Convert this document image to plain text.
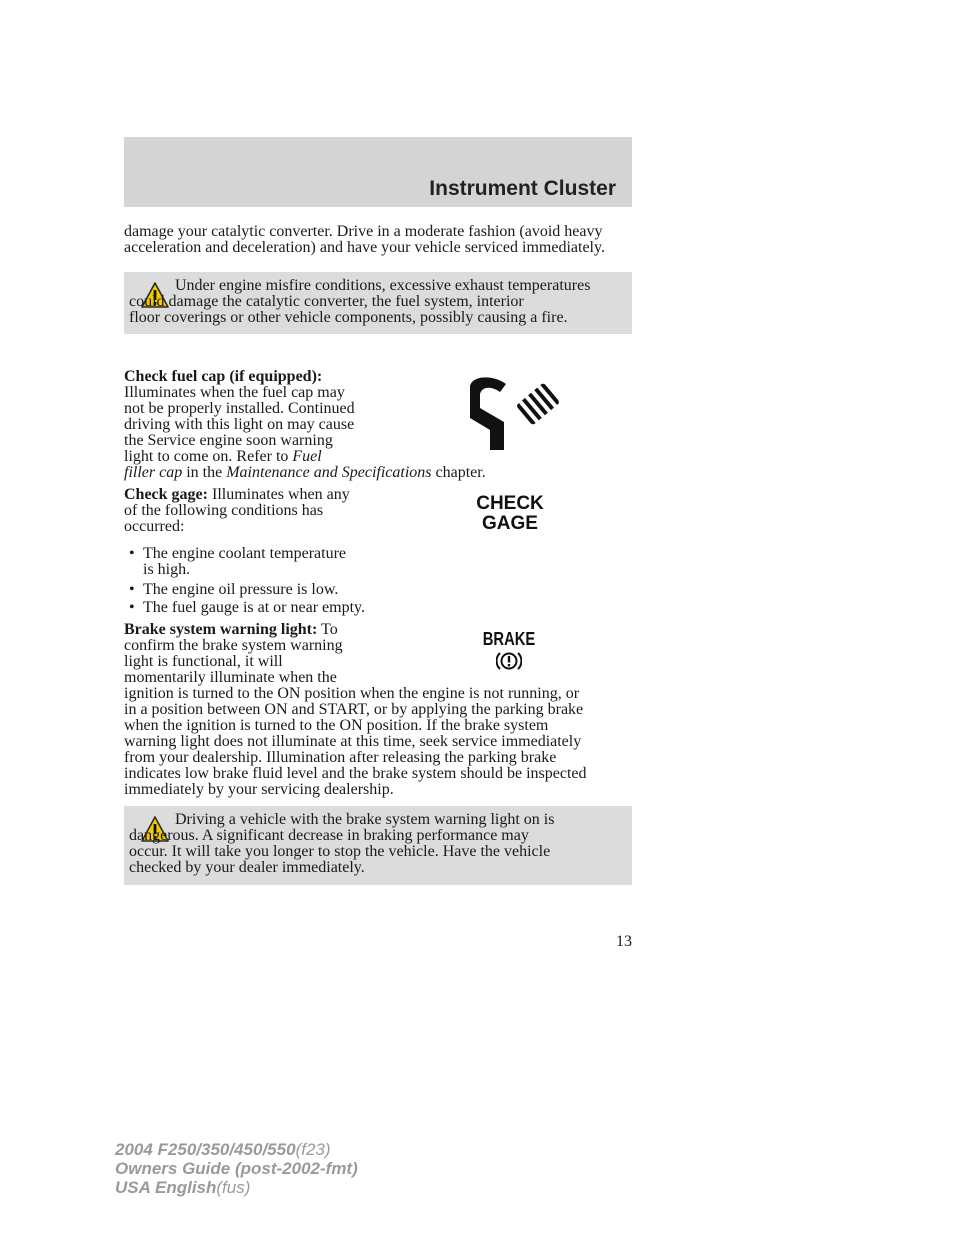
Instrument Cluster

damage your catalytic converter. Drive in a moderate fashion (avoid heavy acceleration and deceleration) and have your vehicle serviced immediately.

Under engine misfire conditions, excessive exhaust temperatures
could damage the catalytic converter, the fuel system, interior
floor coverings or other vehicle components, possibly causing a fire.

Check fuel cap (if equipped):
Illuminates when the fuel cap may
not be properly installed. Continued
driving with this light on may cause
the Service engine soon warning
light to come on. Refer to Fuel
filler cap in the Maintenance and Specifications chapter.

Check gage: Illuminates when any
of the following conditions has
occurred:

CHECK
GAGE
• The engine coolant temperature
is high.
• The engine oil pressure is low.
• The fuel gauge is at or near empty.

Brake system warning light: To
confirm the brake system warning
light is functional, it will
momentarily illuminate when the
ignition is turned to the ON position when the engine is not running, or
in a position between ON and START, or by applying the parking brake
when the ignition is turned to the ON position. If the brake system
warning light does not illuminate at this time, seek service immediately
from your dealership. Illumination after releasing the parking brake
indicates low brake fluid level and the brake system should be inspected
immediately by your servicing dealership.

BRAKE

Driving a vehicle with the brake system warning light on is
dangerous. A significant decrease in braking performance may
occur. It will take you longer to stop the vehicle. Have the vehicle
checked by your dealer immediately.

13
2004 F250/350/450/550(f23)
Owners Guide (post-2002-fmt)
USA English(fus)
